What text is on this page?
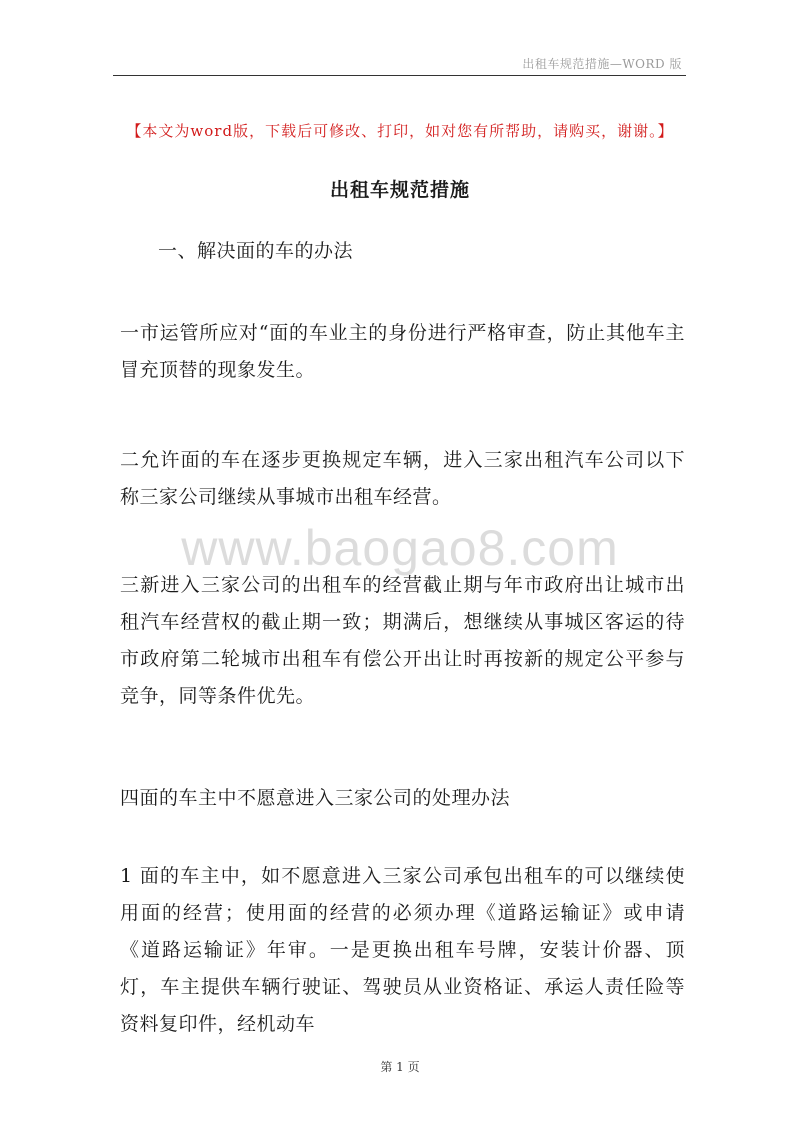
出租车规范措施—WORD 版
【本文为word版，下载后可修改、打印，如对您有所帮助，请购买，谢谢。】
出租车规范措施

一、解决面的车的办法

一市运管所应对“面的车业主的身份进行严格审查，防止其他车主冒充顶替的现象发生。

二允许面的车在逐步更换规定车辆，进入三家出租汽车公司以下称三家公司继续从事城市出租车经营。

www.baogao8.com

三新进入三家公司的出租车的经营截止期与年市政府出让城市出租汽车经营权的截止期一致；期满后，想继续从事城区客运的待市政府第二轮城市出租车有偿公开出让时再按新的规定公平参与竞争，同等条件优先。

四面的车主中不愿意进入三家公司的处理办法

1 面的车主中，如不愿意进入三家公司承包出租车的可以继续使用面的经营；使用面的经营的必须办理《道路运输证》或申请《道路运输证》年审。一是更换出租车号牌，安装计价器、顶灯，车主提供车辆行驶证、驾驶员从业资格证、承运人责任险等资料复印件，经机动车

第 1 页
